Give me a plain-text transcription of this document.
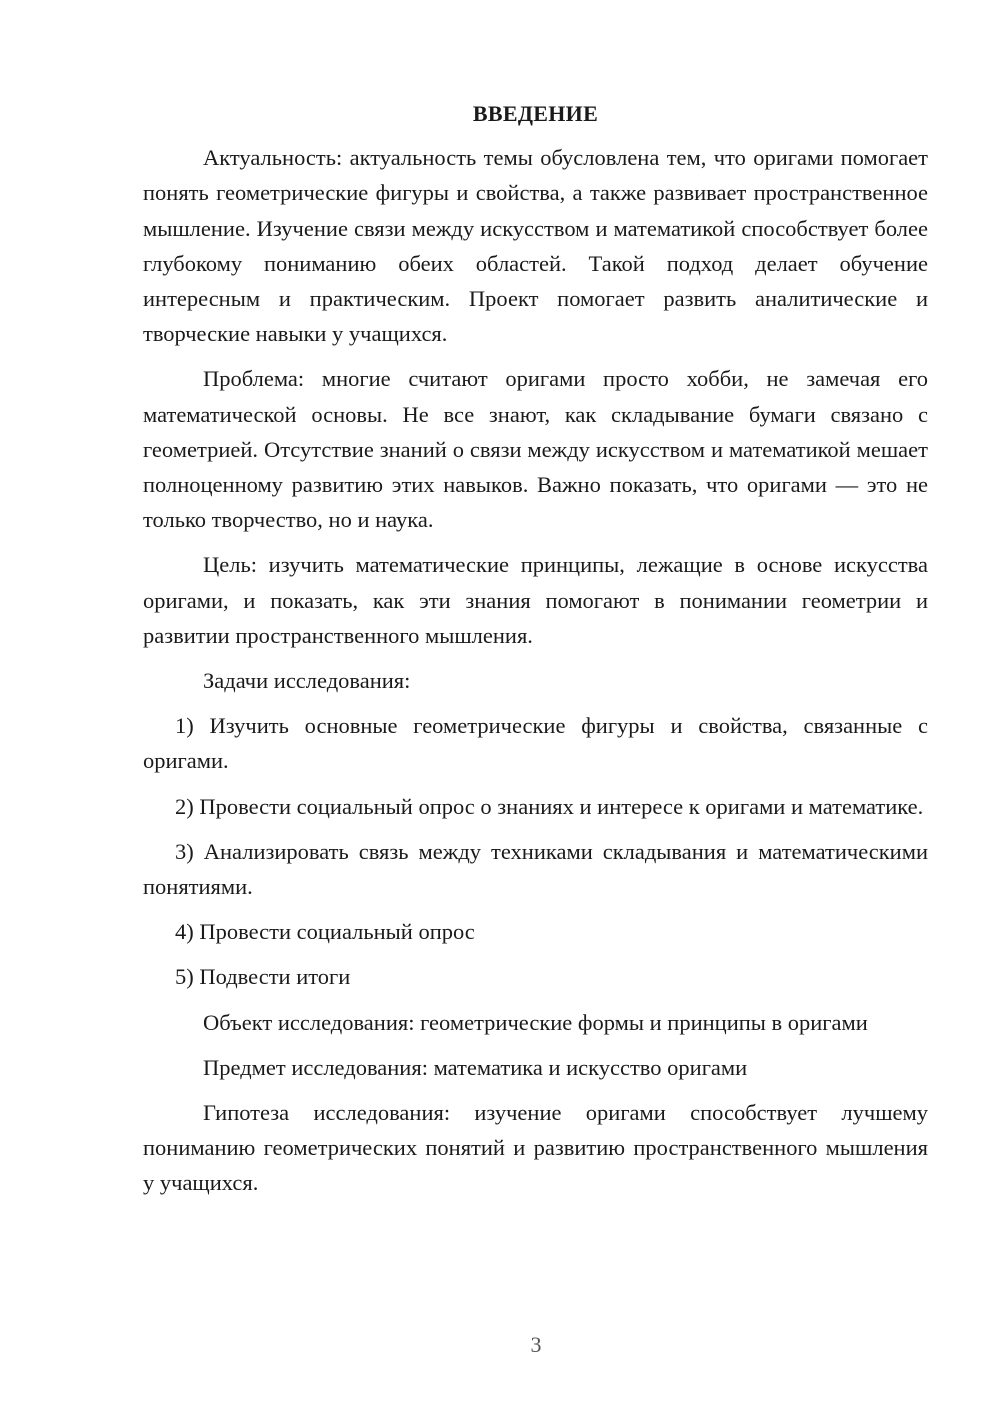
ВВЕДЕНИЕ

Актуальность: актуальность темы обусловлена тем, что оригами помогает понять геометрические фигуры и свойства, а также развивает пространственное мышление. Изучение связи между искусством и математикой способствует более глубокому пониманию обеих областей. Такой подход делает обучение интересным и практическим. Проект помогает развить аналитические и творческие навыки у учащихся.

Проблема: многие считают оригами просто хобби, не замечая его математической основы. Не все знают, как складывание бумаги связано с геометрией. Отсутствие знаний о связи между искусством и математикой мешает полноценному развитию этих навыков. Важно показать, что оригами — это не только творчество, но и наука.

Цель: изучить математические принципы, лежащие в основе искусства оригами, и показать, как эти знания помогают в понимании геометрии и развитии пространственного мышления.

Задачи исследования:

1) Изучить основные геометрические фигуры и свойства, связанные с оригами.

2) Провести социальный опрос о знаниях и интересе к оригами и математике.

3) Анализировать связь между техниками складывания и математическими понятиями.

4) Провести социальный опрос

5) Подвести итоги

Объект исследования: геометрические формы и принципы в оригами

Предмет исследования: математика и искусство оригами

Гипотеза исследования: изучение оригами способствует лучшему пониманию геометрических понятий и развитию пространственного мышления у учащихся.

3
